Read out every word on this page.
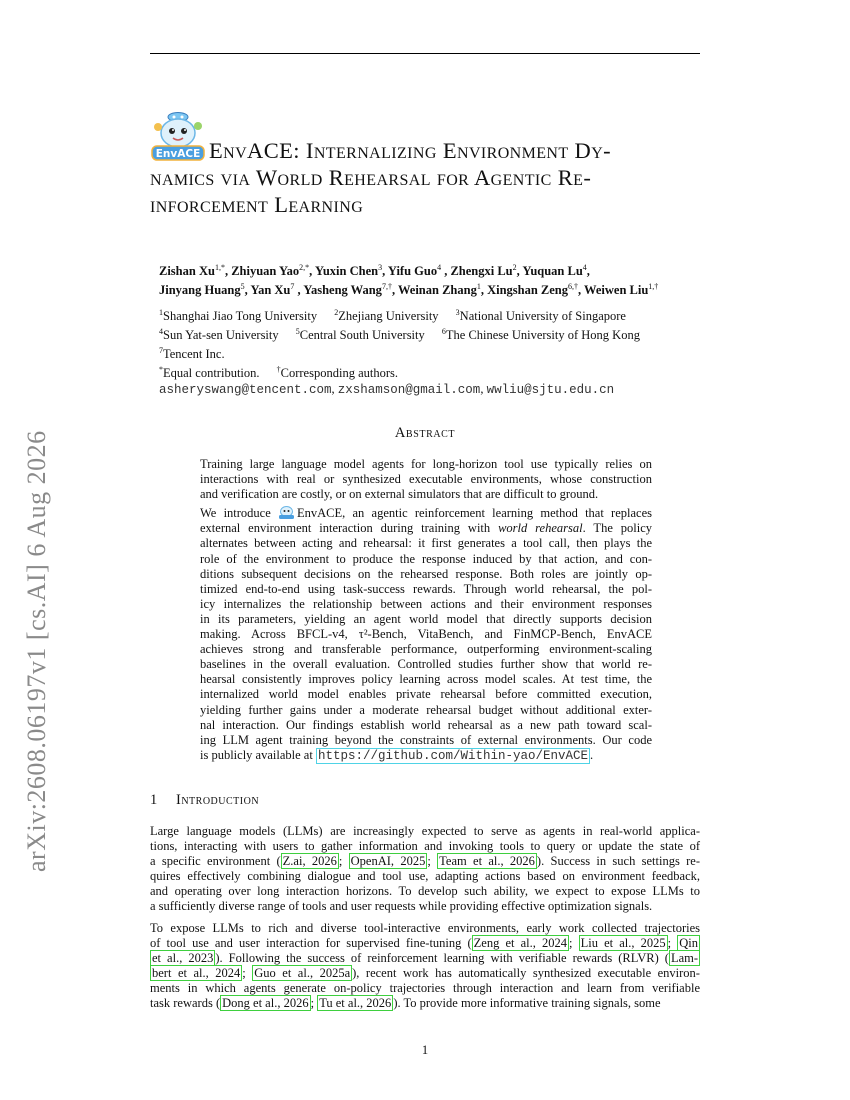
arXiv:2608.06197v1 [cs.AI] 6 Aug 2026
EnvACE EnvACE: Internalizing Environment Dy-
namics via World Rehearsal for Agentic Re-
inforcement Learning
Zishan $Xu^{1,*}$, Zhiyuan Yao$^{2,*}$, Yuxin Chen$^3$, Yifu Guo$^4$ , Zhengxi Lu$^2$, Yuquan Lu$^4$,
Jinyang Huang$^5$, Yan Xu$^7$ , Yasheng Wang$^{7,\dagger}$, Weinan Zhang$^1$, Xingshan Zeng$^{6,\dagger}$, Weiwen Liu$^{1,\dagger}$
$^1$Shanghai Jiao Tong University $^2$Zhejiang University $^3$National University of Singapore
$^4$Sun Yat-sen University $^5$Central South University $^6$The Chinese University of Hong Kong
$^7$Tencent Inc.
*Equal contribution. †Corresponding authors.
asheryswang@tencent.com, zxshamson@gmail.com, wwliu@sjtu.edu.cn
Abstract
Training large language model agents for long-horizon tool use typically relies on
interactions with real or synthesized executable environments, whose construction
and verification are costly, or on external simulators that are difficult to ground.
We introduce EnvACE, an agentic reinforcement learning method that replaces
external environment interaction during training with world rehearsal. The policy
alternates between acting and rehearsal: it first generates a tool call, then plays the
role of the environment to produce the response induced by that action, and con-
ditions subsequent decisions on the rehearsed response. Both roles are jointly op-
timized end-to-end using task-success rewards. Through world rehearsal, the pol-
icy internalizes the relationship between actions and their environment responses
in its parameters, yielding an agent world model that directly supports decision
making. Across BFCL-v4, τ²-Bench, VitaBench, and FinMCP-Bench, EnvACE
achieves strong and transferable performance, outperforming environment-scaling
baselines in the overall evaluation. Controlled studies further show that world re-
hearsal consistently improves policy learning across model scales. At test time, the
internalized world model enables private rehearsal before committed execution,
yielding further gains under a moderate rehearsal budget without additional exter-
nal interaction. Our findings establish world rehearsal as a new path toward scal-
ing LLM agent training beyond the constraints of external environments. Our code
is publicly available at https://github.com/Within-yao/EnvACE .
1 Introduction
Large language models (LLMs) are increasingly expected to serve as agents in real-world applica-
tions, interacting with users to gather information and invoking tools to query or update the state of
a specific environment ( Z.ai, 2026 ; OpenAI, 2025 ; Team et al., 2026 ). Success in such settings re-
quires effectively combining dialogue and tool use, adapting actions based on environment feedback,
and operating over long interaction horizons. To develop such ability, we expect to expose LLMs to
a sufficiently diverse range of tools and user requests while providing effective optimization signals.
To expose LLMs to rich and diverse tool-interactive environments, early work collected trajectories
of tool use and user interaction for supervised fine-tuning ( Zeng et al., 2024 ; Liu et al., 2025 ; Qin
et al., 2023 ). Following the success of reinforcement learning with verifiable rewards (RLVR) ( Lam-
bert et al., 2024 ; Guo et al., 2025a ), recent work has automatically synthesized executable environ-
ments in which agents generate on-policy trajectories through interaction and learn from verifiable
task rewards ( Dong et al., 2026 ; Tu et al., 2026 ). To provide more informative training signals, some
1
